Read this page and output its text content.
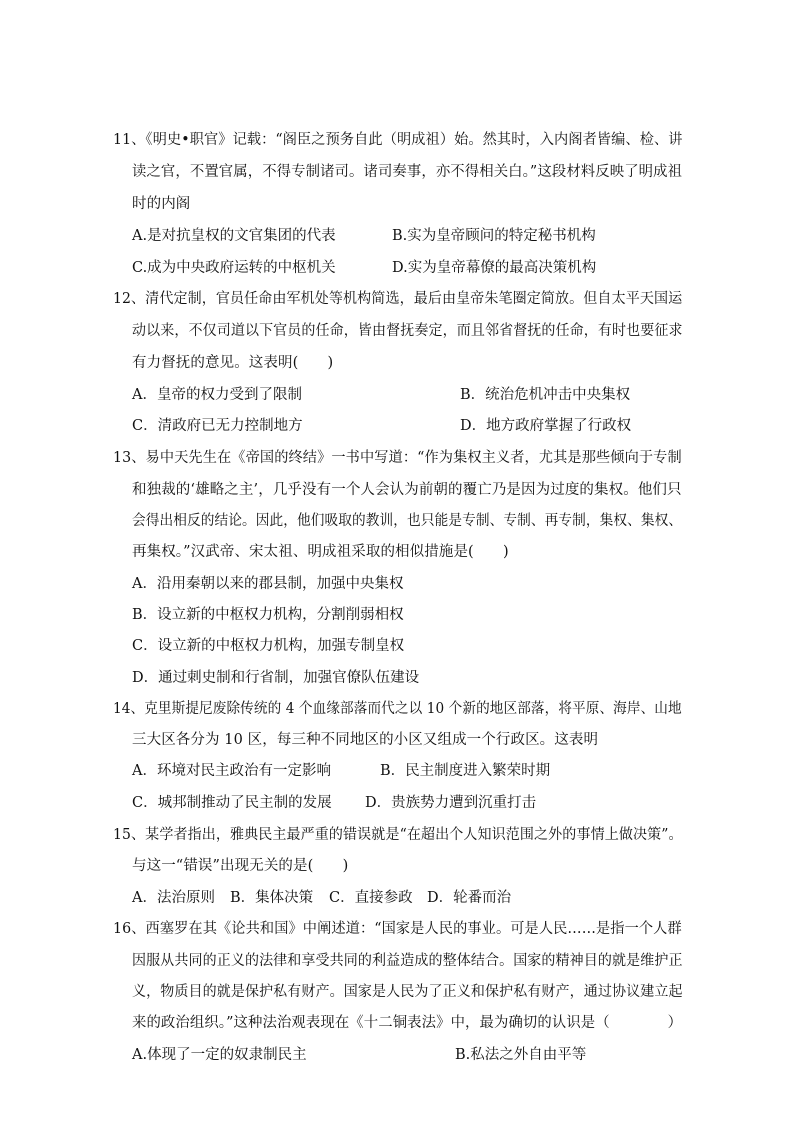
11、《明史•职官》记载：“阁臣之预务自此（明成祖）始。然其时，入内阁者皆编、检、讲
读之官，不置官属，不得专制诸司。诸司奏事，亦不得相关白。”这段材料反映了明成祖
时的内阁
A.是对抗皇权的文官集团的代表	B.实为皇帝顾问的特定秘书机构
C.成为中央政府运转的中枢机关	D.实为皇帝幕僚的最高决策机构
12、清代定制，官员任命由军机处等机构简选，最后由皇帝朱笔圈定简放。但自太平天国运
动以来，不仅司道以下官员的任命，皆由督抚奏定，而且邻省督抚的任命，有时也要征求
有力督抚的意见。这表明(　　)
A．皇帝的权力受到了限制	B．统治危机冲击中央集权
C．清政府已无力控制地方	D．地方政府掌握了行政权
13、易中天先生在《帝国的终结》一书中写道：“作为集权主义者，尤其是那些倾向于专制
和独裁的‘雄略之主’，几乎没有一个人会认为前朝的覆亡乃是因为过度的集权。他们只
会得出相反的结论。因此，他们吸取的教训，也只能是专制、专制、再专制，集权、集权、
再集权。”汉武帝、宋太祖、明成祖采取的相似措施是(　　)
A．沿用秦朝以来的郡县制，加强中央集权
B．设立新的中枢权力机构，分割削弱相权
C．设立新的中枢权力机构，加强专制皇权
D．通过刺史制和行省制，加强官僚队伍建设
14、克里斯提尼废除传统的 4 个血缘部落而代之以 10 个新的地区部落，将平原、海岸、山地
三大区各分为 10 区，每三种不同地区的小区又组成一个行政区。这表明
A．环境对民主政治有一定影响	B．民主制度进入繁荣时期
C．城邦制推动了民主制的发展 D．贵族势力遭到沉重打击
15、某学者指出，雅典民主最严重的错误就是“在超出个人知识范围之外的事情上做决策”。
与这一“错误”出现无关的是(　　)
A．法治原则 B．集体决策 C．直接参政 D．轮番而治
16、西塞罗在其《论共和国》中阐述道：“国家是人民的事业。可是人民……是指一个人群
因服从共同的正义的法律和享受共同的利益造成的整体结合。国家的精神目的就是维护正
义，物质目的就是保护私有财产。国家是人民为了正义和保护私有财产，通过协议建立起
来的政治组织。”这种法治观表现在《十二铜表法》中，最为确切的认识是（　　　　）
A.体现了一定的奴隶制民主	B.私法之外自由平等
